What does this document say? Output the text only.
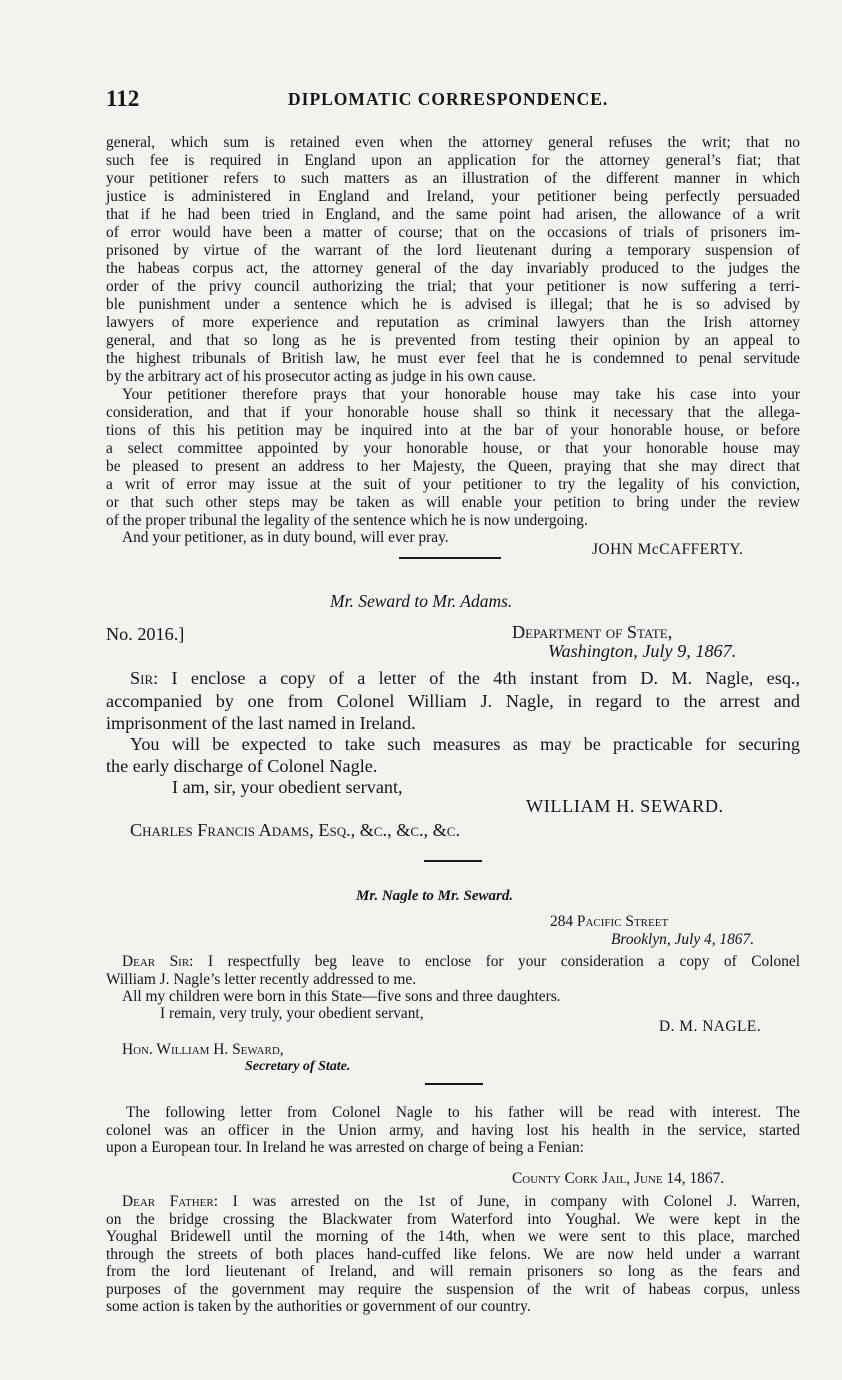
112	DIPLOMATIC CORRESPONDENCE.
general, which sum is retained even when the attorney general refuses the writ; that no
such fee is required in England upon an application for the attorney general’s fiat; that
your petitioner refers to such matters as an illustration of the different manner in which
justice is administered in England and Ireland, your petitioner being perfectly persuaded
that if he had been tried in England, and the same point had arisen, the allowance of a writ
of error would have been a matter of course; that on the occasions of trials of prisoners im-
prisoned by virtue of the warrant of the lord lieutenant during a temporary suspension of
the habeas corpus act, the attorney general of the day invariably produced to the judges the
order of the privy council authorizing the trial; that your petitioner is now suffering a terri-
ble punishment under a sentence which he is advised is illegal; that he is so advised by
lawyers of more experience and reputation as criminal lawyers than the Irish attorney
general, and that so long as he is prevented from testing their opinion by an appeal to
the highest tribunals of British law, he must ever feel that he is condemned to penal servitude
by the arbitrary act of his prosecutor acting as judge in his own cause.
Your petitioner therefore prays that your honorable house may take his case into your
consideration, and that if your honorable house shall so think it necessary that the allega-
tions of this his petition may be inquired into at the bar of your honorable house, or before
a select committee appointed by your honorable house, or that your honorable house may
be pleased to present an address to her Majesty, the Queen, praying that she may direct that
a writ of error may issue at the suit of your petitioner to try the legality of his conviction,
or that such other steps may be taken as will enable your petition to bring under the review
of the proper tribunal the legality of the sentence which he is now undergoing.
And your petitioner, as in duty bound, will ever pray.
JOHN McCAFFERTY.
Mr. Seward to Mr. Adams.
No. 2016.]	Department of State,
Washington, July 9, 1867.
Sir: I enclose a copy of a letter of the 4th instant from D. M. Nagle, esq.,
accompanied by one from Colonel William J. Nagle, in regard to the arrest and
imprisonment of the last named in Ireland.
You will be expected to take such measures as may be practicable for securing
the early discharge of Colonel Nagle.
I am, sir, your obedient servant,
WILLIAM H. SEWARD.
Charles Francis Adams, Esq., &c., &c., &c.
Mr. Nagle to Mr. Seward.
284 Pacific Street
Brooklyn, July 4, 1867.
Dear Sir: I respectfully beg leave to enclose for your consideration a copy of Colonel
William J. Nagle’s letter recently addressed to me.
All my children were born in this State—five sons and three daughters.
I remain, very truly, your obedient servant,
D. M. NAGLE.
Hon. William H. Seward,
Secretary of State.
The following letter from Colonel Nagle to his father will be read with interest. The
colonel was an officer in the Union army, and having lost his health in the service, started
upon a European tour. In Ireland he was arrested on charge of being a Fenian:
County Cork Jail, June 14, 1867.
Dear Father: I was arrested on the 1st of June, in company with Colonel J. Warren,
on the bridge crossing the Blackwater from Waterford into Youghal. We were kept in the
Youghal Bridewell until the morning of the 14th, when we were sent to this place, marched
through the streets of both places hand-cuffed like felons. We are now held under a warrant
from the lord lieutenant of Ireland, and will remain prisoners so long as the fears and
purposes of the government may require the suspension of the writ of habeas corpus, unless
some action is taken by the authorities or government of our country.
